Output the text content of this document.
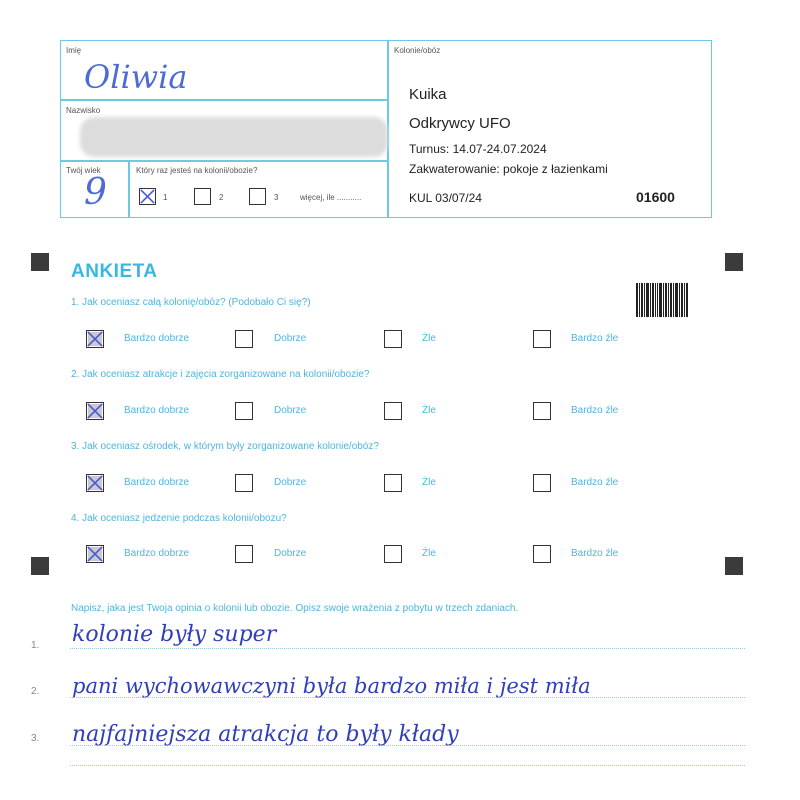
Imię
Oliwia
Nazwisko
Twój wiek
9
Który raz jesteś na kolonii/obozie?
1	2	3	więcej, ile ...........
Kolonie/obóz
Kuika
Odkrywcy UFO
Turnus: 14.07-24.07.2024
Zakwaterowanie: pokoje z łazienkami
KUL 03/07/24	01600
ANKIETA
1. Jak oceniasz całą kolonię/obóz? (Podobało Ci się?)
Bardzo dobrze	Dobrze	Źle	Bardzo źle
2. Jak oceniasz atrakcje i zajęcia zorganizowane na kolonii/obozie?
Bardzo dobrze	Dobrze	Źle	Bardzo źle
3. Jak oceniasz ośrodek, w którym były zorganizowane kolonie/obóz?
Bardzo dobrze	Dobrze	Źle	Bardzo źle
4. Jak oceniasz jedzenie podczas kolonii/obozu?
Bardzo dobrze	Dobrze	Źle	Bardzo źle
Napisz, jaka jest Twoja opinia o kolonii lub obozie. Opisz swoje wrażenia z pobytu w trzech zdaniach.
1. kolonie były super
2. pani wychowawczyni była bardzo miła i jest miła
3. najfajniejsza atrakcja to były kłady
